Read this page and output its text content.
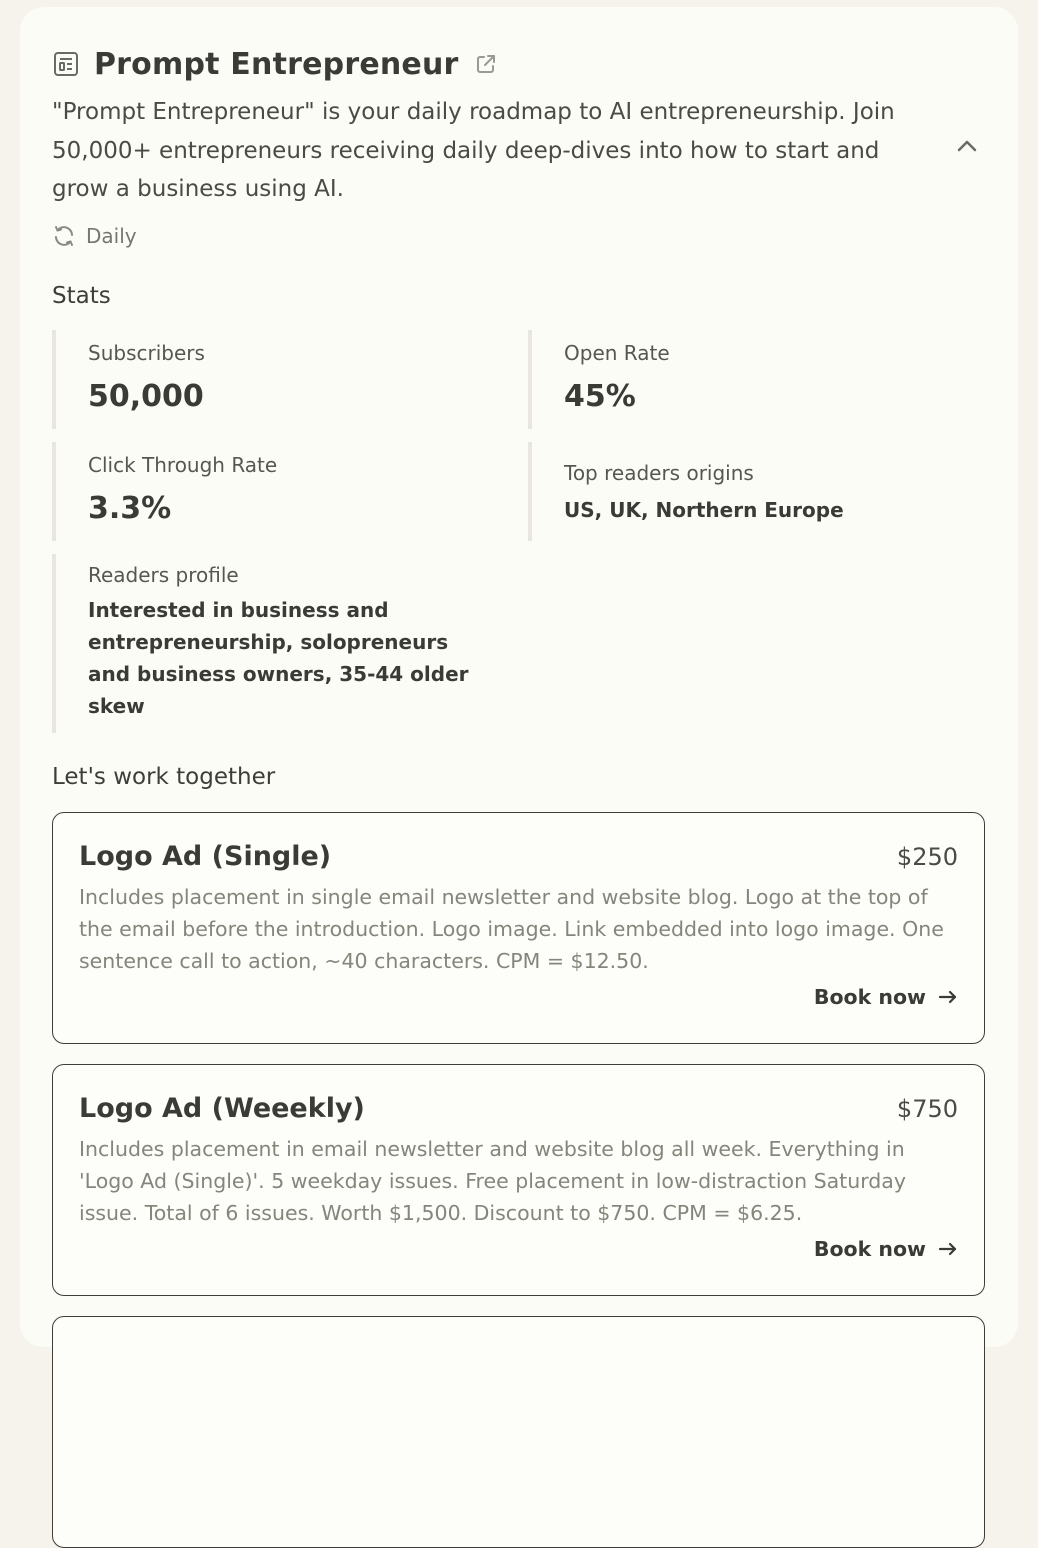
Prompt Entrepreneur
"Prompt Entrepreneur" is your daily roadmap to AI entrepreneurship. Join 50,000+ entrepreneurs receiving daily deep-dives into how to start and grow a business using AI.
Daily
Stats
Subscribers
50,000
Open Rate
45%
Click Through Rate
3.3%
Top readers origins
US, UK, Northern Europe
Readers profile
Interested in business and entrepreneurship, solopreneurs and business owners, 35-44 older skew
Let's work together
Logo Ad (Single)	$250
Includes placement in single email newsletter and website blog. Logo at the top of the email before the introduction. Logo image. Link embedded into logo image. One sentence call to action, ~40 characters. CPM = $12.50.
Book now
Logo Ad (Weeekly)	$750
Includes placement in email newsletter and website blog all week. Everything in 'Logo Ad (Single)'. 5 weekday issues. Free placement in low-distraction Saturday issue. Total of 6 issues. Worth $1,500. Discount to $750. CPM = $6.25.
Book now
